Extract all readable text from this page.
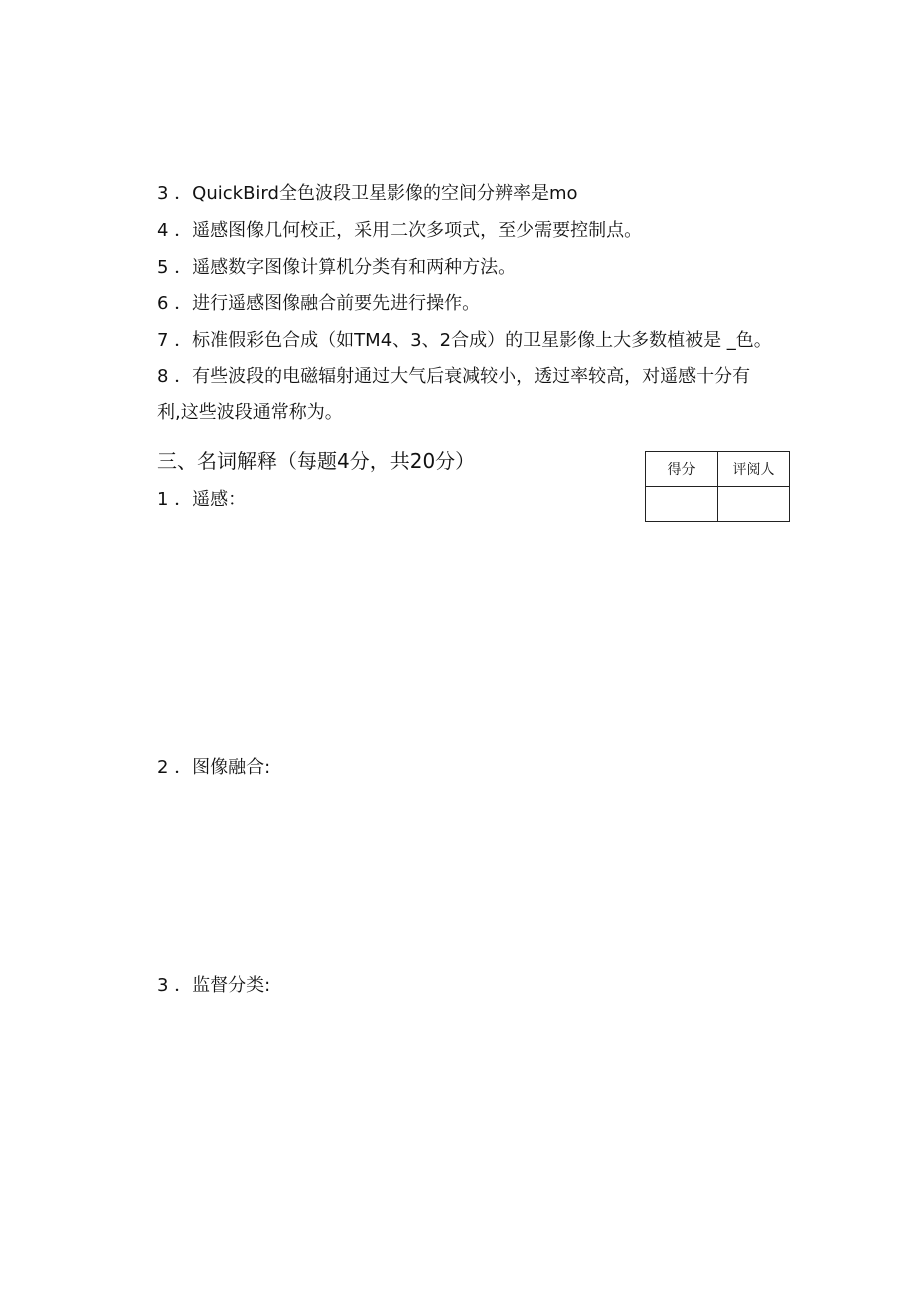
3 ．QuickBird全色波段卫星影像的空间分辨率是mo
4 ．遥感图像几何校正，采用二次多项式，至少需要控制点。
5 ．遥感数字图像计算机分类有和两种方法。
6 ．进行遥感图像融合前要先进行操作。
7 ．标准假彩色合成（如TM4、3、2合成）的卫星影像上大多数植被是 _色。
8 ．有些波段的电磁辐射通过大气后衰减较小，透过率较高，对遥感十分有
利,这些波段通常称为。
三、名词解释（每题4分，共20分）	得分	评阅人

1 ．遥感：
2 ．图像融合:
3 ．监督分类:
